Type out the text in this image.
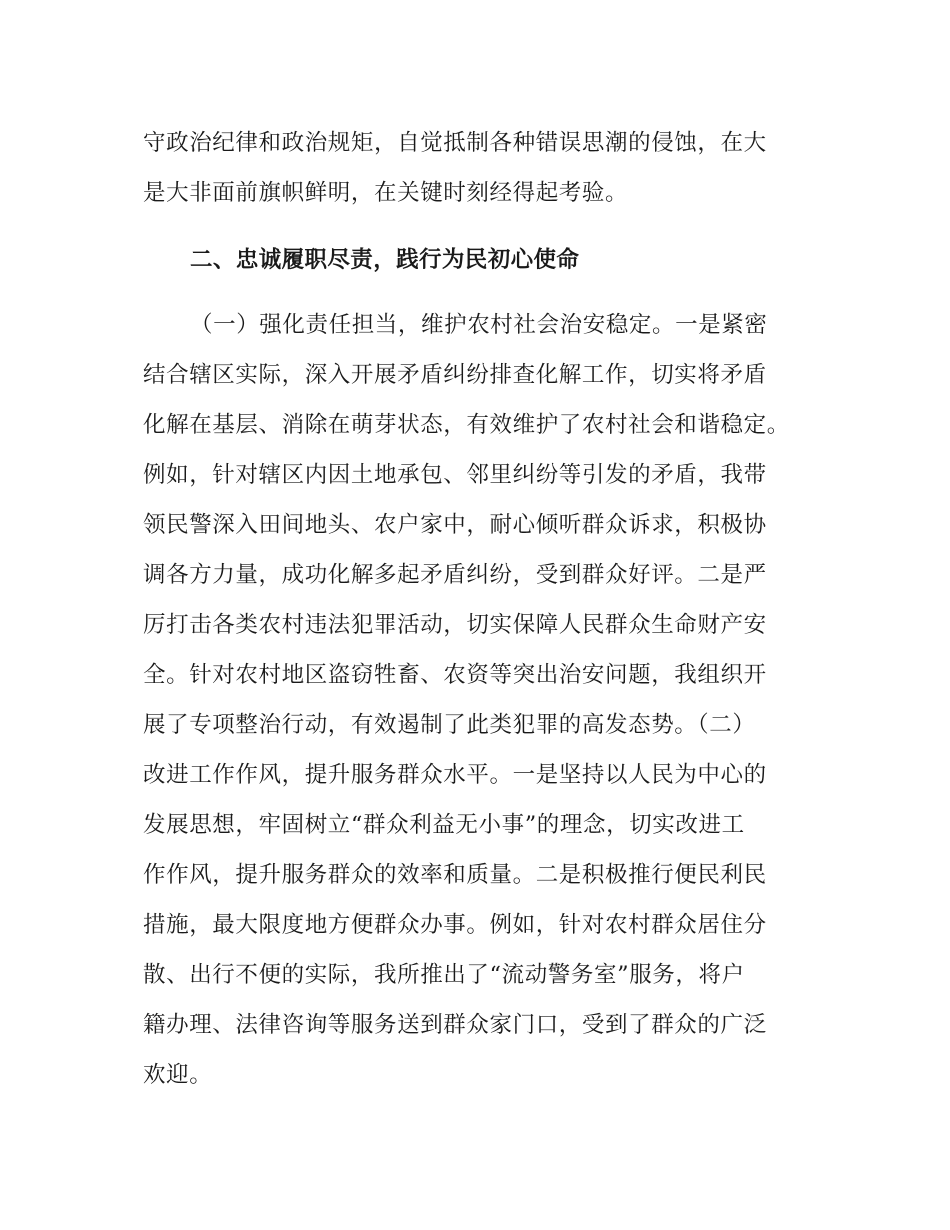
守政治纪律和政治规矩，自觉抵制各种错误思潮的侵蚀，在大
是大非面前旗帜鲜明，在关键时刻经得起考验。
二、忠诚履职尽责，践行为民初心使命
（一）强化责任担当，维护农村社会治安稳定。一是紧密
结合辖区实际，深入开展矛盾纠纷排查化解工作，切实将矛盾
化解在基层、消除在萌芽状态，有效维护了农村社会和谐稳定。
例如，针对辖区内因土地承包、邻里纠纷等引发的矛盾，我带
领民警深入田间地头、农户家中，耐心倾听群众诉求，积极协
调各方力量，成功化解多起矛盾纠纷，受到群众好评。二是严
厉打击各类农村违法犯罪活动，切实保障人民群众生命财产安
全。针对农村地区盗窃牲畜、农资等突出治安问题，我组织开
展了专项整治行动，有效遏制了此类犯罪的高发态势。（二）
改进工作作风，提升服务群众水平。一是坚持以人民为中心的
发展思想，牢固树立“群众利益无小事”的理念，切实改进工
作作风，提升服务群众的效率和质量。二是积极推行便民利民
措施，最大限度地方便群众办事。例如，针对农村群众居住分
散、出行不便的实际，我所推出了“流动警务室”服务，将户
籍办理、法律咨询等服务送到群众家门口，受到了群众的广泛
欢迎。
